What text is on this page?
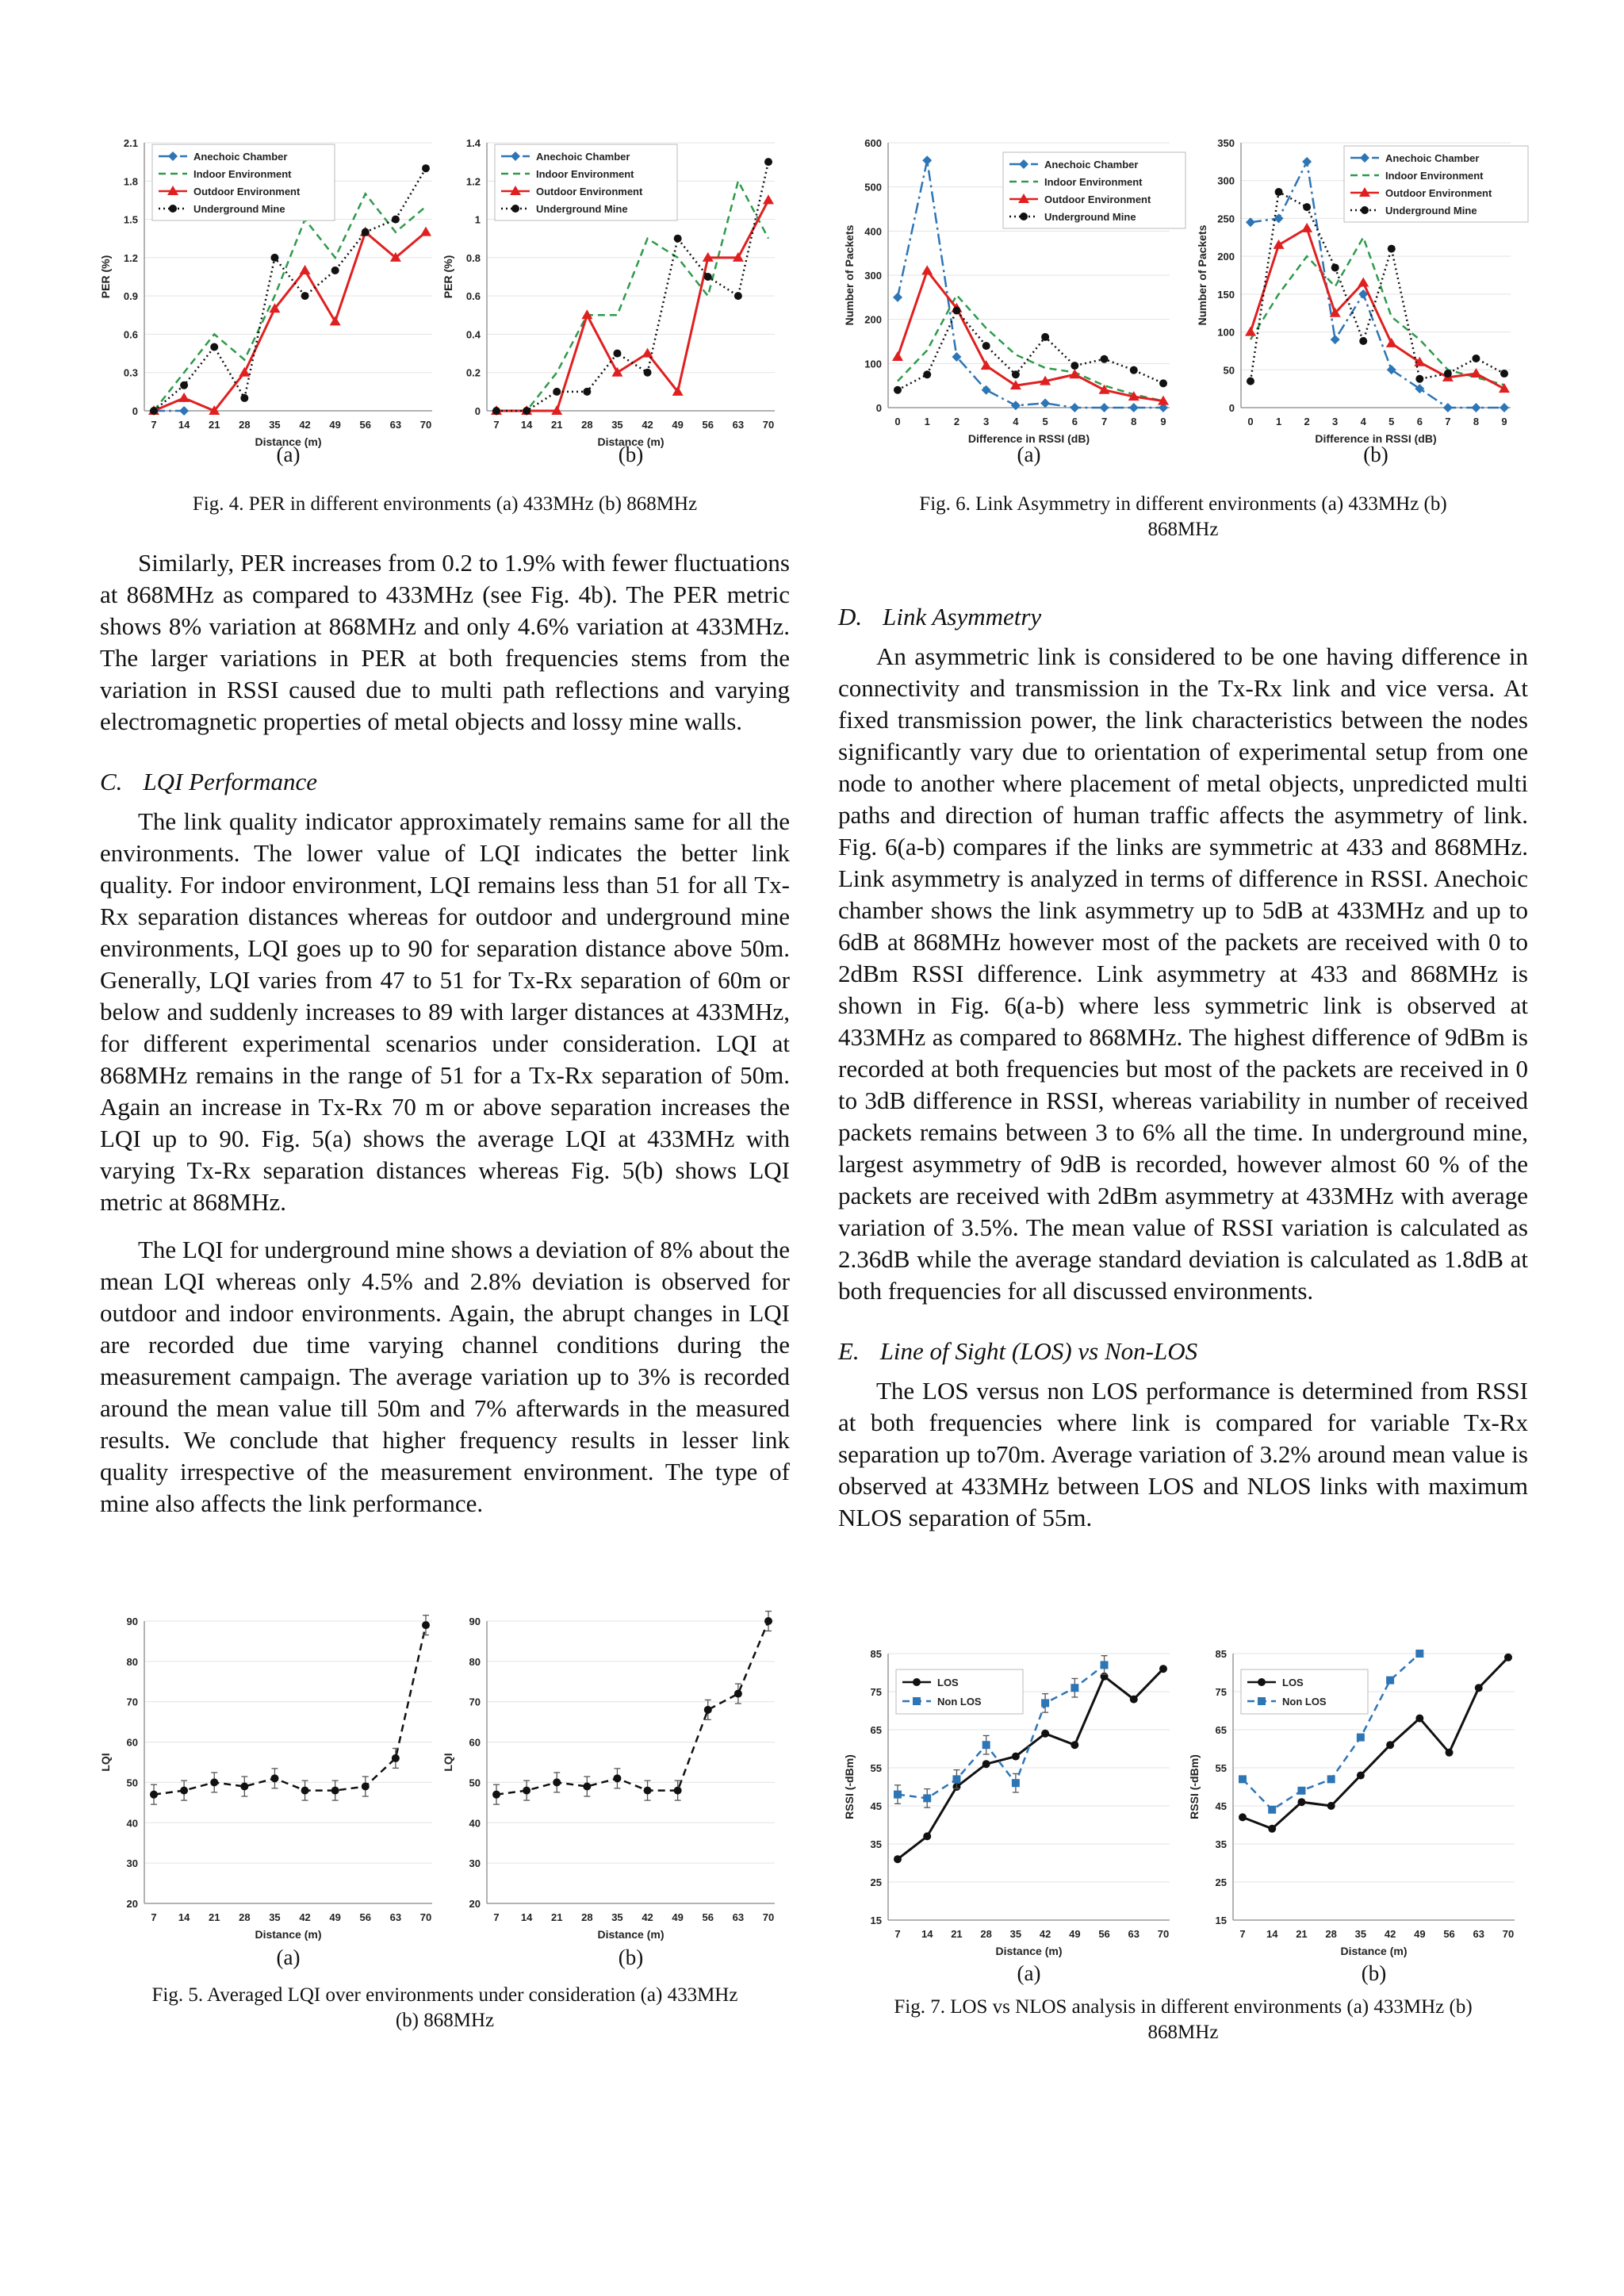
0
0.3
0.6
0.9
1.2
1.5
1.8
2.1
7 14 21 28 35 42 49 56 63 70
Distance (m)
PER (%)
Anechoic Chamber
Indoor Environment
Outdoor Environment
Underground Mine
(a)
0
0.2
0.4
0.6
0.8
1
1.2
1.4
7 14 21 28 35 42 49 56 63 70
Distance (m)
PER (%)
Anechoic Chamber
Indoor Environment
Outdoor Environment
Underground Mine
(b)
Fig. 4. PER in different environments (a) 433MHz (b) 868MHz
0
100
200
300
400
500
600
0 1 2 3 4 5 6 7 8 9
Difference in RSSI (dB)
Number of Packets
Anechoic Chamber
Indoor Environment
Outdoor Environment
Underground Mine
(a)
0
50
100
150
200
250
300
350
0 1 2 3 4 5 6 7 8 9
Difference in RSSI (dB)
Number of Packets
Anechoic Chamber
Indoor Environment
Outdoor Environment
Underground Mine
(b)
Fig. 6. Link Asymmetry in different environments (a) 433MHz (b)
868MHz

Similarly, PER increases from 0.2 to 1.9% with fewer fluctuations at 868MHz as compared to 433MHz (see Fig. 4b). The PER metric shows 8% variation at 868MHz and only 4.6% variation at 433MHz. The larger variations in PER at both frequencies stems from the variation in RSSI caused due to multi path reflections and varying electromagnetic properties of metal objects and lossy mine walls.

C. LQI Performance

The link quality indicator approximately remains same for all the environments. The lower value of LQI indicates the better link quality. For indoor environment, LQI remains less than 51 for all Tx-Rx separation distances whereas for outdoor and underground mine environments, LQI goes up to 90 for separation distance above 50m. Generally, LQI varies from 47 to 51 for Tx-Rx separation of 60m or below and suddenly increases to 89 with larger distances at 433MHz, for different experimental scenarios under consideration. LQI at 868MHz remains in the range of 51 for a Tx-Rx separation of 50m. Again an increase in Tx-Rx 70 m or above separation increases the LQI up to 90. Fig. 5(a) shows the average LQI at 433MHz with varying Tx-Rx separation distances whereas Fig. 5(b) shows LQI metric at 868MHz.

The LQI for underground mine shows a deviation of 8% about the mean LQI whereas only 4.5% and 2.8% deviation is observed for outdoor and indoor environments. Again, the abrupt changes in LQI are recorded due time varying channel conditions during the measurement campaign. The average variation up to 3% is recorded around the mean value till 50m and 7% afterwards in the measured results. We conclude that higher frequency results in lesser link quality irrespective of the measurement environment. The type of mine also affects the link performance.

D. Link Asymmetry

An asymmetric link is considered to be one having difference in connectivity and transmission in the Tx-Rx link and vice versa. At fixed transmission power, the link characteristics between the nodes significantly vary due to orientation of experimental setup from one node to another where placement of metal objects, unpredicted multi paths and direction of human traffic affects the asymmetry of link. Fig. 6(a-b) compares if the links are symmetric at 433 and 868MHz. Link asymmetry is analyzed in terms of difference in RSSI. Anechoic chamber shows the link asymmetry up to 5dB at 433MHz and up to 6dB at 868MHz however most of the packets are received with 0 to 2dBm RSSI difference. Link asymmetry at 433 and 868MHz is shown in Fig. 6(a-b) where less symmetric link is observed at 433MHz as compared to 868MHz. The highest difference of 9dBm is recorded at both frequencies but most of the packets are received in 0 to 3dB difference in RSSI, whereas variability in number of received packets remains between 3 to 6% all the time. In underground mine, largest asymmetry of 9dB is recorded, however almost 60 % of the packets are received with 2dBm asymmetry at 433MHz with average variation of 3.5%. The mean value of RSSI variation is calculated as 2.36dB while the average standard deviation is calculated as 1.8dB at both frequencies for all discussed environments.

E. Line of Sight (LOS) vs Non-LOS

The LOS versus non LOS performance is determined from RSSI at both frequencies where link is compared for variable Tx-Rx separation up to70m. Average variation of 3.2% around mean value is observed at 433MHz between LOS and NLOS links with maximum NLOS separation of 55m.

20
30
40
50
60
70
80
90
7 14 21 28 35 42 49 56 63 70
Distance (m)
LQI
(a)
20
30
40
50
60
70
80
90
7 14 21 28 35 42 49 56 63 70
Distance (m)
LQI
(b)
Fig. 5. Averaged LQI over environments under consideration (a) 433MHz
(b) 868MHz
15
25
35
45
55
65
75
85
7 14 21 28 35 42 49 56 63 70
Distance (m)
RSSI (-dBm)
LOS
Non LOS
(a)
15
25
35
45
55
65
75
85
7 14 21 28 35 42 49 56 63 70
Distance (m)
RSSI (-dBm)
LOS
Non LOS
(b)
Fig. 7. LOS vs NLOS analysis in different environments (a) 433MHz (b)
868MHz
